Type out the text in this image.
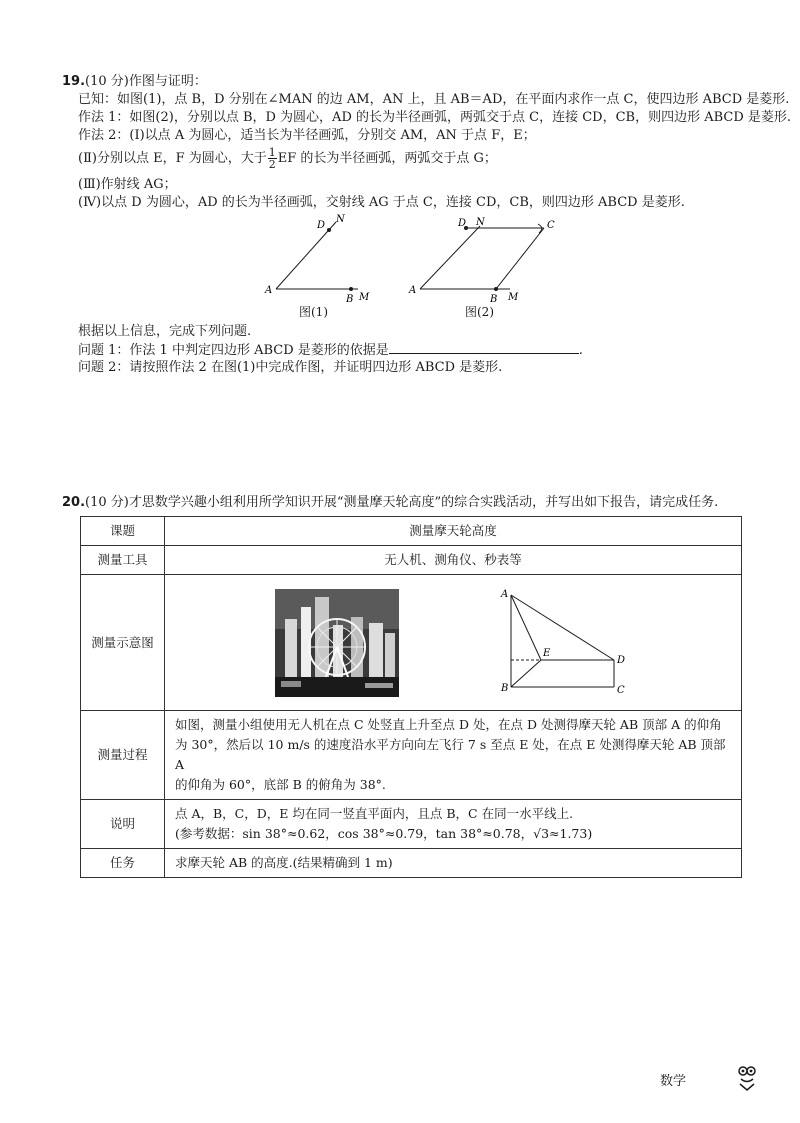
19.(10 分)作图与证明：
已知：如图(1)，点 B，D 分别在∠MAN 的边 AM，AN 上，且 AB＝AD，在平面内求作一点 C，使四边形 ABCD 是菱形.
作法 1：如图(2)，分别以点 B，D 为圆心，AD 的长为半径画弧，两弧交于点 C，连接 CD，CB，则四边形 ABCD 是菱形.
作法 2：(Ⅰ)以点 A 为圆心，适当长为半径画弧，分别交 AM，AN 于点 F，E；
(Ⅱ)分别以点 E，F 为圆心，大于 $\frac{1}{2}$ EF 的长为半径画弧，两弧交于点 G；
(Ⅲ)作射线 AG；
(Ⅳ)以点 D 为圆心，AD 的长为半径画弧，交射线 AG 于点 C，连接 CD，CB，则四边形 ABCD 是菱形.
A
D
N
B M
图(1)
A
D N	C
B M
图(2)
根据以上信息，完成下列问题.
问题 1：作法 1 中判定四边形 ABCD 是菱形的依据是	.
问题 2：请按照作法 2 在图(1)中完成作图，并证明四边形 ABCD 是菱形.
20.(10 分)才思数学兴趣小组利用所学知识开展“测量摩天轮高度”的综合实践活动，并写出如下报告，请完成任务.
课题	测量摩天轮高度
测量工具	无人机、测角仪、秒表等
测量示意图	A
B C
D
E

测量过程	如图，测量小组使用无人机在点 C 处竖直上升至点 D 处，在点 D 处测得摩天轮 AB 顶部 A 的仰角
为 30°，然后以 10 m/s 的速度沿水平方向向左飞行 7 s 至点 E 处，在点 E 处测得摩天轮 AB 顶部 A
的仰角为 60°，底部 B 的俯角为 38°.

说明	点 A，B，C，D，E 均在同一竖直平面内，且点 B，C 在同一水平线上.
(参考数据：sin 38°≈0.62，cos 38°≈0.79，tan 38°≈0.78，√3≈1.73)

任务	求摩天轮 AB 的高度.(结果精确到 1 m)
数学
